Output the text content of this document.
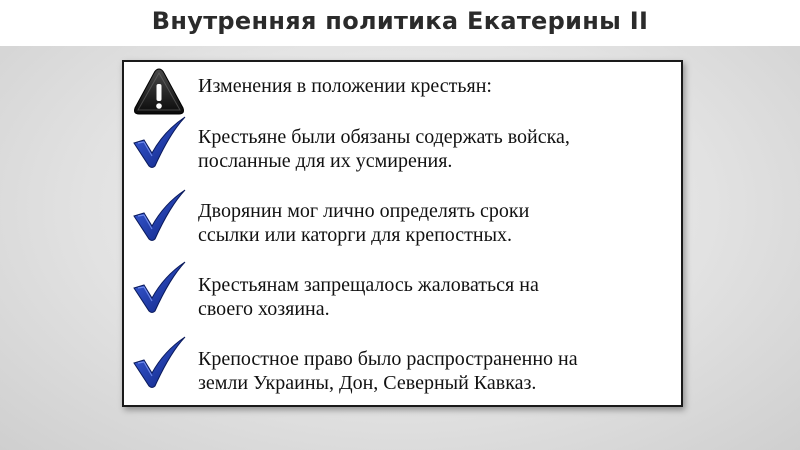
Внутренняя политика Екатерины II
Изменения в положении крестьян:
Крестьяне были обязаны содержать войска,
посланные для их усмирения.
Дворянин мог лично определять сроки
ссылки или каторги для крепостных.
Крестьянам запрещалось жаловаться на
своего хозяина.
Крепостное право было распространенно на
земли Украины, Дон, Северный Кавказ.
